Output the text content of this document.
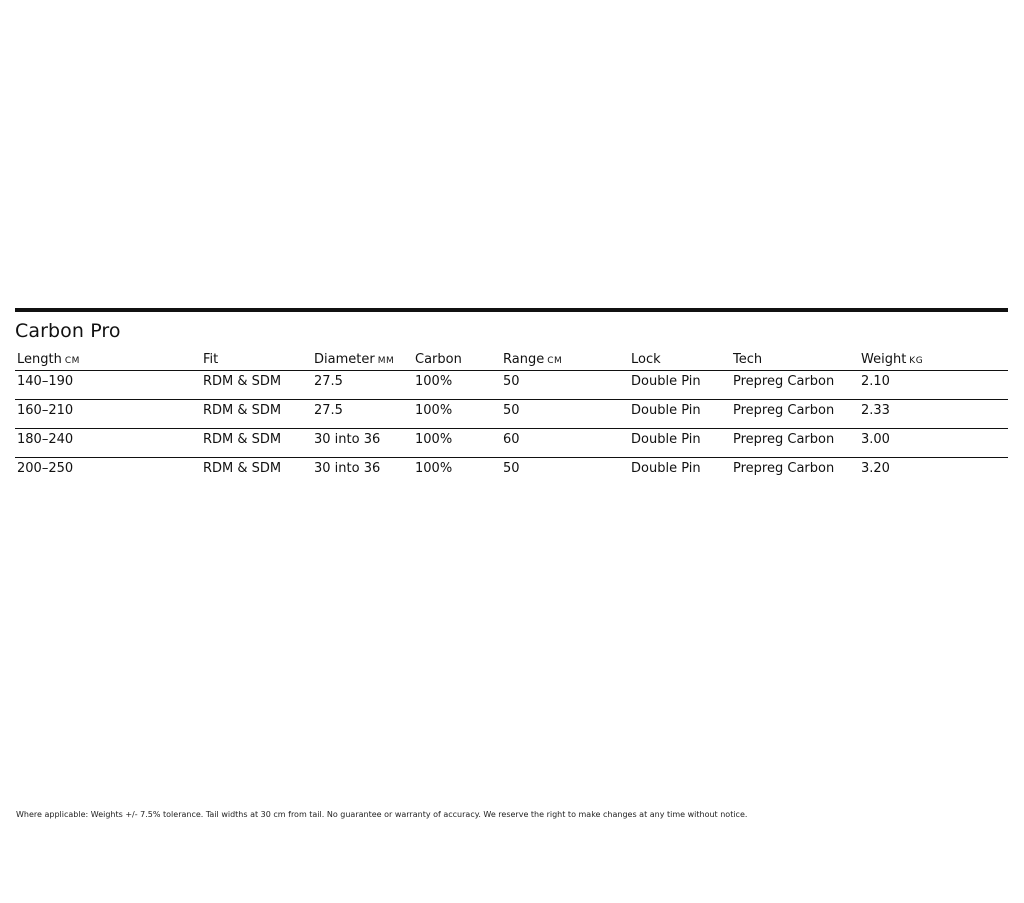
Carbon Pro
Length CM	Fit	Diameter MM	Carbon	Range CM	Lock	Tech	Weight KG
140–190	RDM & SDM	27.5	100%	50	Double Pin	Prepreg Carbon	2.10
160–210	RDM & SDM	27.5	100%	50	Double Pin	Prepreg Carbon	2.33
180–240	RDM & SDM	30 into 36	100%	60	Double Pin	Prepreg Carbon	3.00
200–250	RDM & SDM	30 into 36	100%	50	Double Pin	Prepreg Carbon	3.20
Where applicable: Weights +/- 7.5% tolerance. Tail widths at 30 cm from tail. No guarantee or warranty of accuracy. We reserve the right to make changes at any time without notice.
